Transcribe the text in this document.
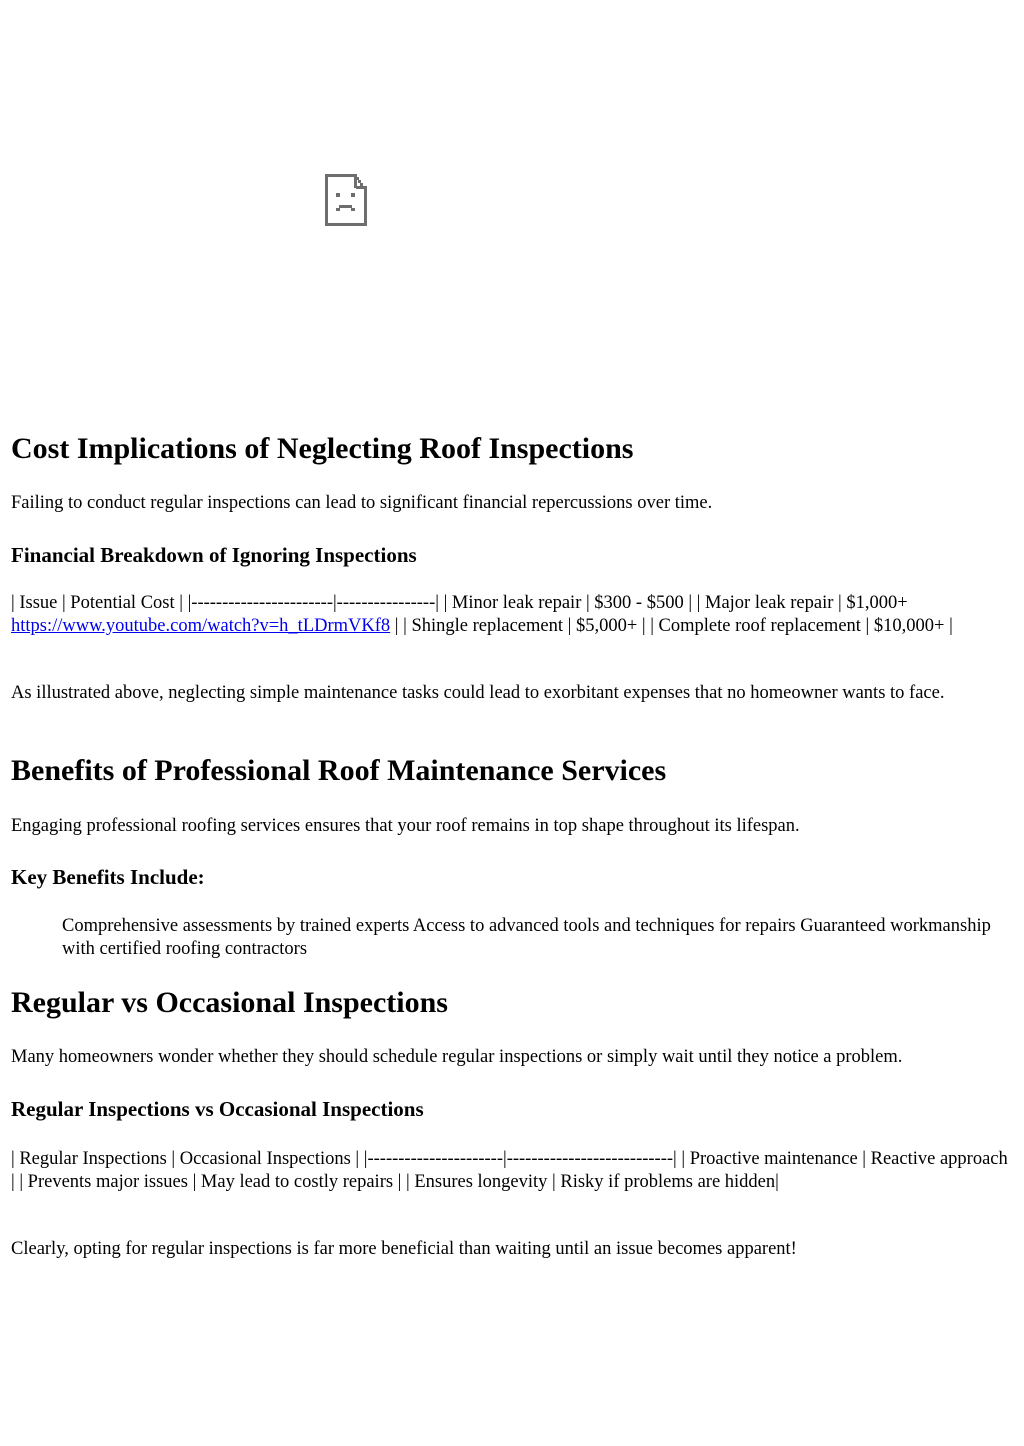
Cost Implications of Neglecting Roof Inspections

Failing to conduct regular inspections can lead to significant financial repercussions over time.

Financial Breakdown of Ignoring Inspections

| Issue | Potential Cost | |-----------------------|----------------| | Minor leak repair | $300 - $500 | | Major leak repair | $1,000+ https://www.youtube.com/watch?v=h_tLDrmVKf8 | | Shingle replacement | $5,000+ | | Complete roof replacement | $10,000+ |

As illustrated above, neglecting simple maintenance tasks could lead to exorbitant expenses that no homeowner wants to face.

Benefits of Professional Roof Maintenance Services

Engaging professional roofing services ensures that your roof remains in top shape throughout its lifespan.

Key Benefits Include:

Comprehensive assessments by trained experts Access to advanced tools and techniques for repairs Guaranteed workmanship with certified roofing contractors

Regular vs Occasional Inspections

Many homeowners wonder whether they should schedule regular inspections or simply wait until they notice a problem.

Regular Inspections vs Occasional Inspections

| Regular Inspections | Occasional Inspections | |----------------------|---------------------------| | Proactive maintenance | Reactive approach | | Prevents major issues | May lead to costly repairs | | Ensures longevity | Risky if problems are hidden|

Clearly, opting for regular inspections is far more beneficial than waiting until an issue becomes apparent!
